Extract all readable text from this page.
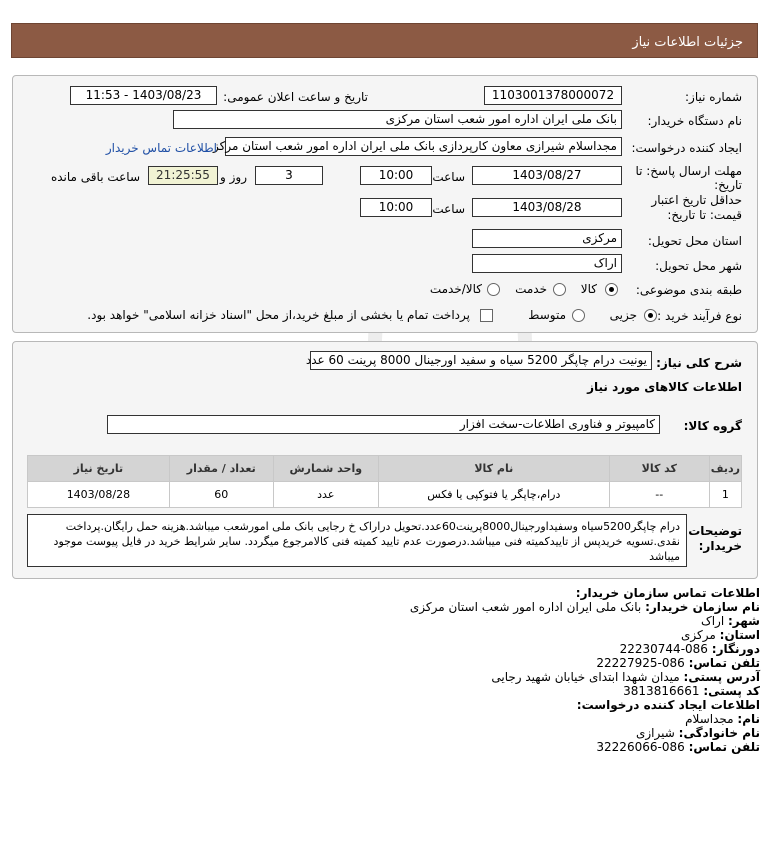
جزئیات اطلاعات نیاز
شماره نیاز:
1103001378000072
تاریخ و ساعت اعلان عمومی:
1403/08/23 - 11:53
نام دستگاه خریدار:
بانک ملی ایران اداره امور شعب استان مرکزی
ایجاد کننده درخواست:
مجداسلام شیرازی معاون کارپردازی بانک ملی ایران اداره امور شعب استان مرکز
اطلاعات تماس خریدار
مهلت ارسال پاسخ: تا
تاریخ:
1403/08/27
ساعت
10:00
3
روز و
21:25:55
ساعت باقی مانده
حداقل تاریخ اعتبار
قیمت: تا تاریخ:
1403/08/28
ساعت
10:00
استان محل تحویل:
مرکزی
شهر محل تحویل:
اراک
طبقه بندی موضوعی:
کالا
خدمت
کالا/خدمت
نوع فرآیند خرید :
جزیی
متوسط
پرداخت تمام یا بخشی از مبلغ خرید،از محل "اسناد خزانه اسلامی" خواهد بود.
شرح کلی نیاز:
یونیت درام چاپگر 5200 سیاه و سفید اورجینال 8000 پرینت 60 عدد
اطلاعات کالاهای مورد نیاز
گروه کالا:
کامپیوتر و فناوری اطلاعات-سخت افزار
ردیف	کد کالا	نام کالا	واحد شمارش	تعداد / مقدار	تاریخ نیاز
1	--	درام،چاپگر یا فتوکپی یا فکس	عدد	60	1403/08/28
توضیحات خریدار:
درام چاپگر5200سیاه وسفیداورجینال8000پرینت60عدد.تحویل دراراک خ رجایی بانک ملی امورشعب میباشد.هزینه حمل رایگان.پرداخت نقدی.تسویه خریدپس از تاییدکمیته فنی میباشد.درصورت عدم تایید کمیته فنی کالامرجوع میگردد. سایر شرایط خرید در فایل پیوست موجود میباشد
اطلاعات تماس سازمان خریدار:
نام سازمان خریدار: بانک ملی ایران اداره امور شعب استان مرکزی
شهر: اراک
استان: مرکزی
دورنگار: 086-22230744
تلفن تماس: 086-22227925
آدرس پستی: میدان شهدا ابتدای خیابان شهید رجایی
کد پستی: 3813816661
اطلاعات ایجاد کننده درخواست:
نام: مجداسلام
نام خانوادگی: شیرازی
تلفن تماس: 086-32226066
